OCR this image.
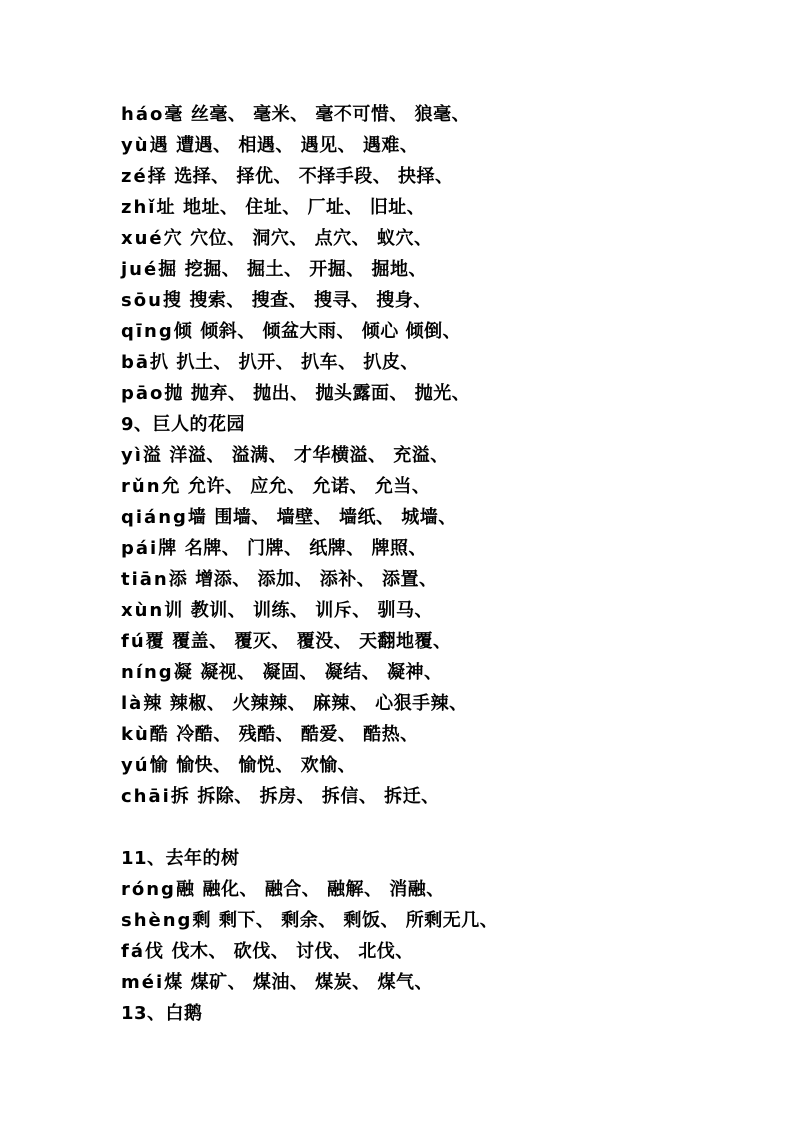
háo毫 丝毫、 毫米、 毫不可惜、 狼毫、
yù遇 遭遇、 相遇、 遇见、 遇难、
zé择 选择、 择优、 不择手段、 抉择、
zhǐ址 地址、 住址、 厂址、 旧址、
xué穴 穴位、 洞穴、 点穴、 蚁穴、
jué掘 挖掘、 掘土、 开掘、 掘地、
sōu搜 搜索、 搜查、 搜寻、 搜身、
qīng倾 倾斜、 倾盆大雨、 倾心 倾倒、
bā扒 扒土、 扒开、 扒车、 扒皮、
pāo抛 抛弃、 抛出、 抛头露面、 抛光、
9、巨人的花园
yì溢 洋溢、 溢满、 才华横溢、 充溢、
rǔn允 允许、 应允、 允诺、 允当、
qiáng墙 围墙、 墙壁、 墙纸、 城墙、
pái牌 名牌、 门牌、 纸牌、 牌照、
tiān添 增添、 添加、 添补、 添置、
xùn训 教训、 训练、 训斥、 驯马、
fú覆 覆盖、 覆灭、 覆没、 天翻地覆、
níng凝 凝视、 凝固、 凝结、 凝神、
là辣 辣椒、 火辣辣、 麻辣、 心狠手辣、
kù酷 冷酷、 残酷、 酷爱、 酷热、
yú愉 愉快、 愉悦、 欢愉、
chāi拆 拆除、 拆房、 拆信、 拆迁、
11、去年的树
róng融 融化、 融合、 融解、 消融、
shèng剩 剩下、 剩余、 剩饭、 所剩无几、
fá伐 伐木、 砍伐、 讨伐、 北伐、
méi煤 煤矿、 煤油、 煤炭、 煤气、
13、白鹅
